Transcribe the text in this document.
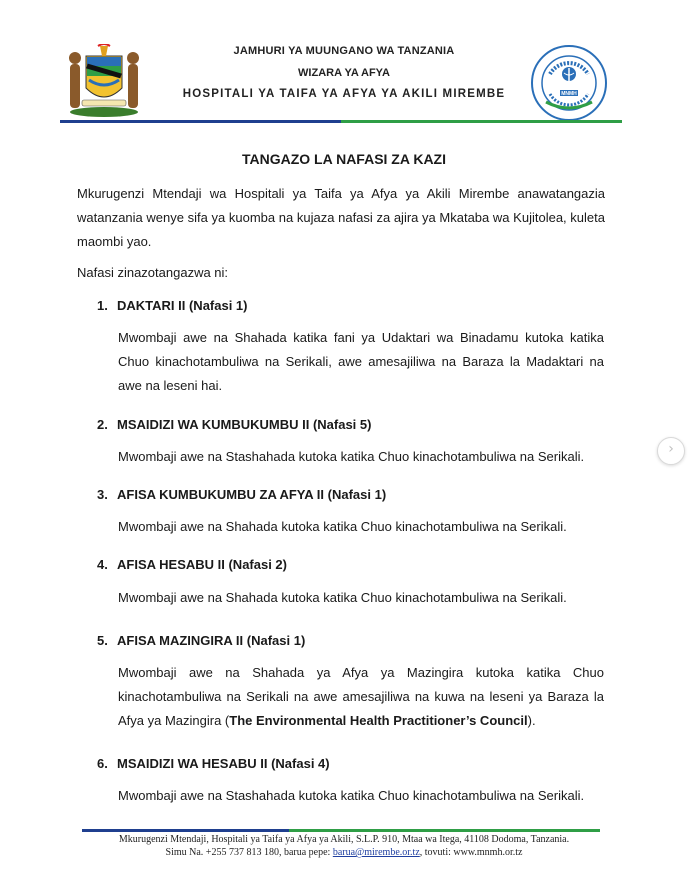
JAMHURI YA MUUNGANO WA TANZANIA
WIZARA YA AFYA
HOSPITALI YA TAIFA YA AFYA YA AKILI MIREMBE	MNMH
TANGAZO LA NAFASI ZA KAZI
Mkurugenzi Mtendaji wa Hospitali ya Taifa ya Afya ya Akili Mirembe anawatangazia watanzania wenye sifa ya kuomba na kujaza nafasi za ajira ya Mkataba wa Kujitolea, kuleta maombi yao.
Nafasi zinazotangazwa ni:
1. DAKTARI II (Nafasi 1)
Mwombaji awe na Shahada katika fani ya Udaktari wa Binadamu kutoka katika Chuo kinachotambuliwa na Serikali, awe amesajiliwa na Baraza la Madaktari na awe na leseni hai.
2. MSAIDIZI WA KUMBUKUMBU II (Nafasi 5)
Mwombaji awe na Stashahada kutoka katika Chuo kinachotambuliwa na Serikali.
3. AFISA KUMBUKUMBU ZA AFYA II (Nafasi 1)
Mwombaji awe na Shahada kutoka katika Chuo kinachotambuliwa na Serikali.
4. AFISA HESABU II (Nafasi 2)
Mwombaji awe na Shahada kutoka katika Chuo kinachotambuliwa na Serikali.
5. AFISA MAZINGIRA II (Nafasi 1)
Mwombaji awe na Shahada ya Afya ya Mazingira kutoka katika Chuo kinachotambuliwa na Serikali na awe amesajiliwa na kuwa na leseni ya Baraza la Afya ya Mazingira (The Environmental Health Practitioner’s Council).
6. MSAIDIZI WA HESABU II (Nafasi 4)
Mwombaji awe na Stashahada kutoka katika Chuo kinachotambuliwa na Serikali.
Mkurugenzi Mtendaji, Hospitali ya Taifa ya Afya ya Akili, S.L.P. 910, Mtaa wa Itega, 41108 Dodoma, Tanzania.
Simu Na. +255 737 813 180, barua pepe: barua@mirembe.or.tz, tovuti: www.mnmh.or.tz
›
